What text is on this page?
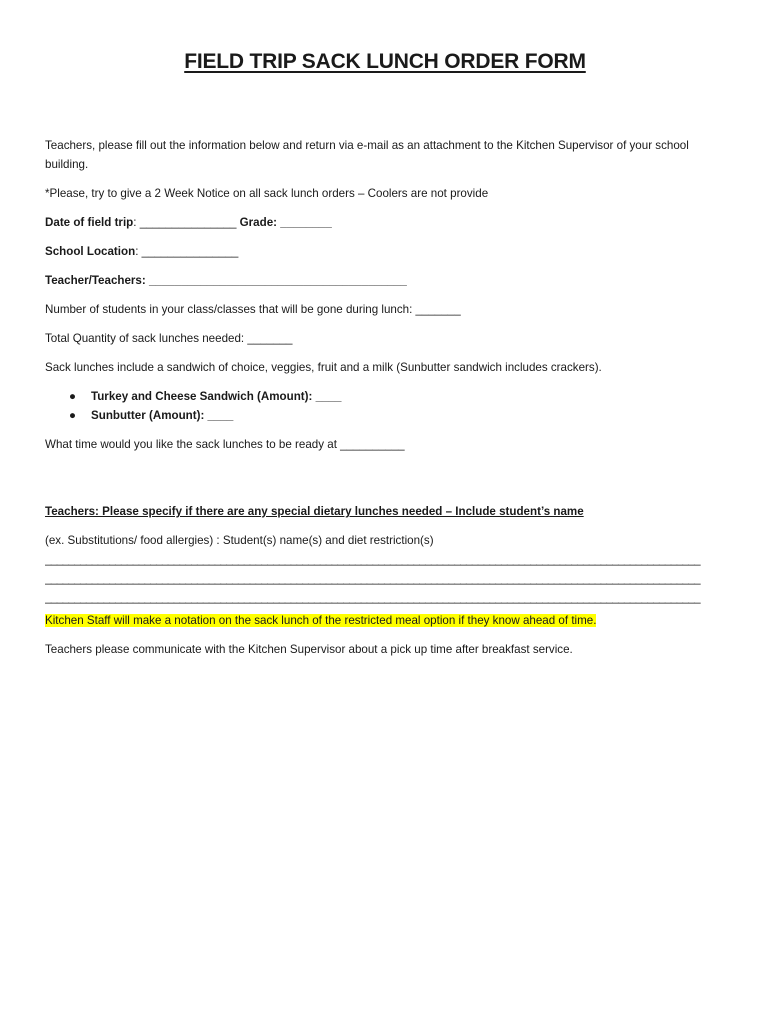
FIELD TRIP SACK LUNCH ORDER FORM

Teachers, please fill out the information below and return via e-mail as an attachment to the Kitchen Supervisor of your school building.

*Please, try to give a 2 Week Notice on all sack lunch orders – Coolers are not provide

Date of field trip: _______________ Grade: ________

School Location: _______________

Teacher/Teachers: ________________________________________

Number of students in your class/classes that will be gone during lunch: _______

Total Quantity of sack lunches needed: _______

Sack lunches include a sandwich of choice, veggies, fruit and a milk (Sunbutter sandwich includes crackers).

● Turkey and Cheese Sandwich (Amount): ____
● Sunbutter (Amount): ____

What time would you like the sack lunches to be ready at __________

Teachers: Please specify if there are any special dietary lunches needed – Include student’s name

(ex. Substitutions/ food allergies) : Student(s) name(s) and diet restriction(s)

________________________________________________________________________________________________________________

________________________________________________________________________________________________________________

________________________________________________________________________________________________________________

Kitchen Staff will make a notation on the sack lunch of the restricted meal option if they know ahead of time.

Teachers please communicate with the Kitchen Supervisor about a pick up time after breakfast service.
